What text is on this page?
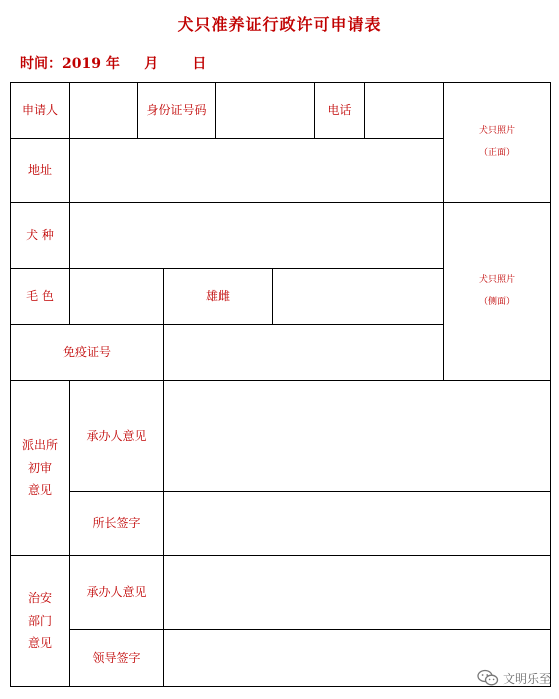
犬只准养证行政许可申请表
时间：2019 年     月       日
申请人		身份证号码				电话		犬只照片
（正面）

地址								
犬 种								犬只照片
（侧面）

毛 色			雄雌					
免疫证号								

派出所
初审
意见	承办人意见							
	所长签字							

治安
部门
意见	承办人意见							
	领导签字							
文明乐至
